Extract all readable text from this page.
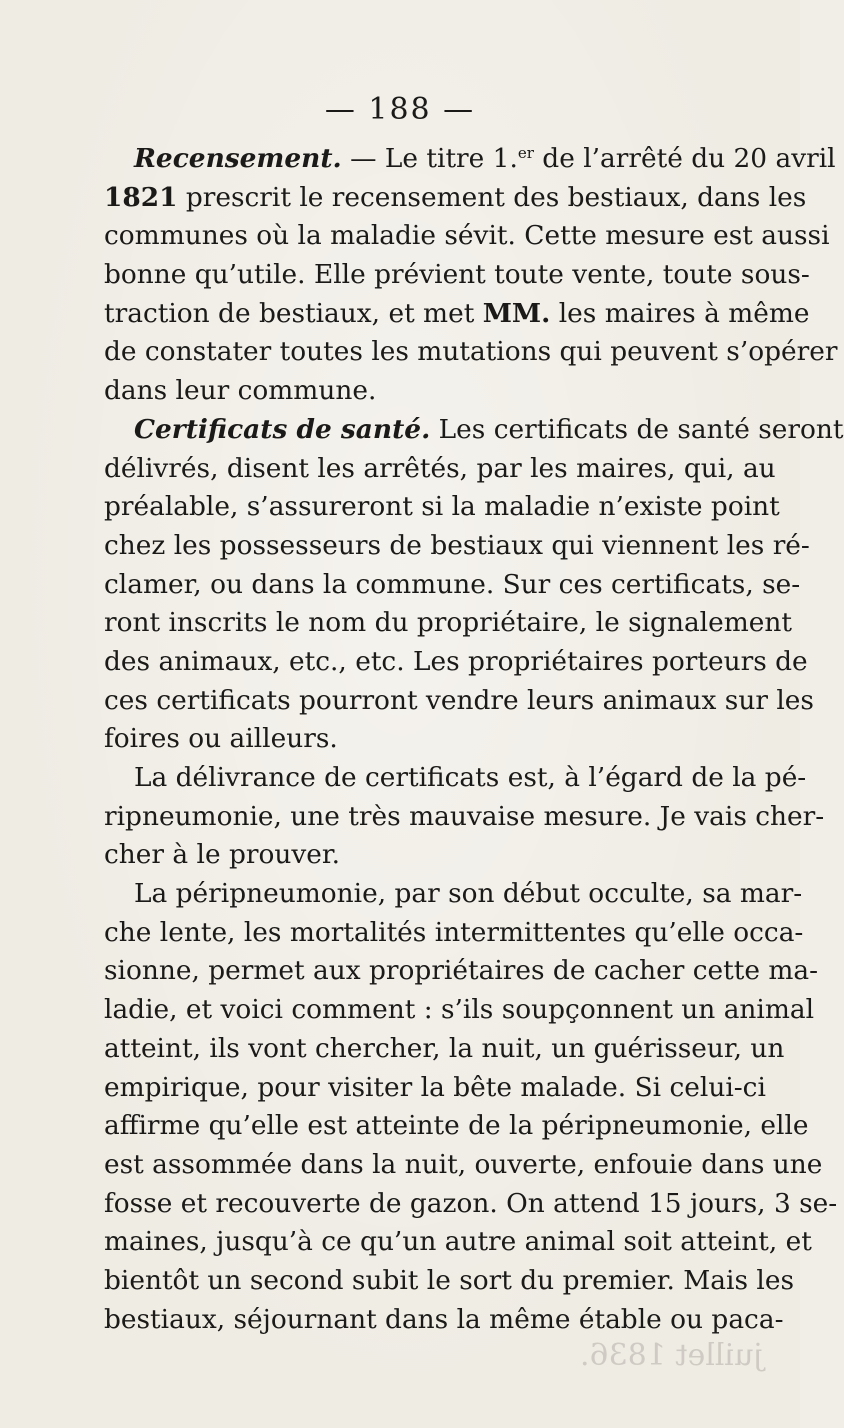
— 188 —
Recensement. — Le titre 1.$^{er}$ de l’arrêté du 20 avril
1821 prescrit le recensement des bestiaux, dans les
communes où la maladie sévit. Cette mesure est aussi
bonne qu’utile. Elle prévient toute vente, toute sous-
traction de bestiaux, et met MM. les maires à même
de constater toutes les mutations qui peuvent s’opérer
dans leur commune.
Certificats de santé. Les certificats de santé seront
délivrés, disent les arrêtés, par les maires, qui, au
préalable, s’assureront si la maladie n’existe point
chez les possesseurs de bestiaux qui viennent les ré-
clamer, ou dans la commune. Sur ces certificats, se-
ront inscrits le nom du propriétaire, le signalement
des animaux, etc., etc. Les propriétaires porteurs de
ces certificats pourront vendre leurs animaux sur les
foires ou ailleurs.
La délivrance de certificats est, à l’égard de la pé-
ripneumonie, une très mauvaise mesure. Je vais cher-
cher à le prouver.
La péripneumonie, par son début occulte, sa mar-
che lente, les mortalités intermittentes qu’elle occa-
sionne, permet aux propriétaires de cacher cette ma-
ladie, et voici comment : s’ils soupçonnent un animal
atteint, ils vont chercher, la nuit, un guérisseur, un
empirique, pour visiter la bête malade. Si celui-ci
affirme qu’elle est atteinte de la péripneumonie, elle
est assommée dans la nuit, ouverte, enfouie dans une
fosse et recouverte de gazon. On attend 15 jours, 3 se-
maines, jusqu’à ce qu’un autre animal soit atteint, et
bientôt un second subit le sort du premier. Mais les
bestiaux, séjournant dans la même étable ou paca-
juillet 1836.
